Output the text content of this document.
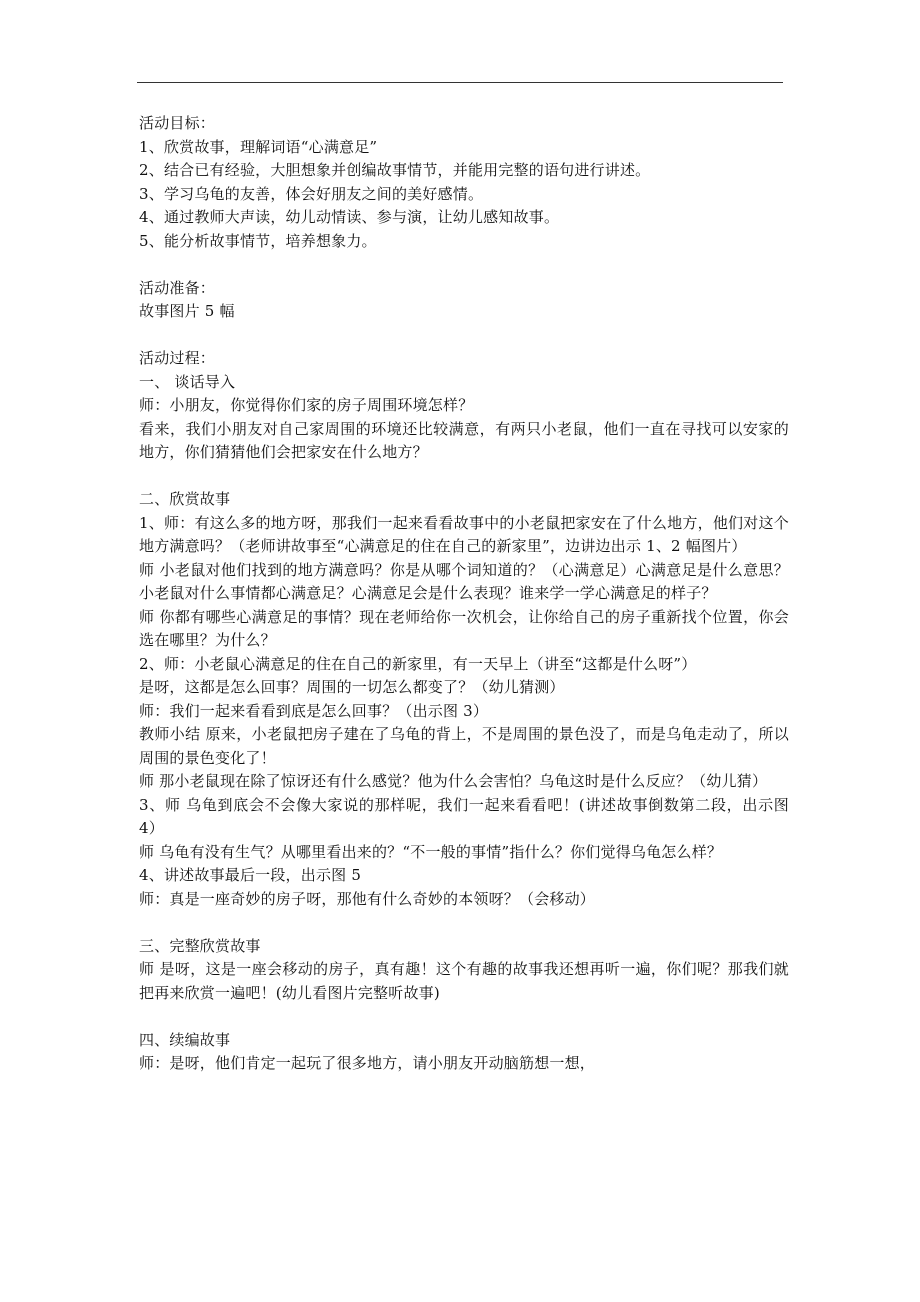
活动目标：

1、欣赏故事，理解词语“心满意足”

2、结合已有经验，大胆想象并创编故事情节，并能用完整的语句进行讲述。

3、学习乌龟的友善，体会好朋友之间的美好感情。

4、通过教师大声读，幼儿动情读、参与演，让幼儿感知故事。

5、能分析故事情节，培养想象力。

活动准备：

故事图片 5 幅

活动过程：

一、 谈话导入

师：小朋友，你觉得你们家的房子周围环境怎样？

看来，我们小朋友对自己家周围的环境还比较满意，有两只小老鼠，他们一直在寻找可以安家的地方，你们猜猜他们会把家安在什么地方？

二、欣赏故事

1、师：有这么多的地方呀，那我们一起来看看故事中的小老鼠把家安在了什么地方，他们对这个地方满意吗？（老师讲故事至“心满意足的住在自己的新家里”，边讲边出示 1、2 幅图片）

师 小老鼠对他们找到的地方满意吗？你是从哪个词知道的？（心满意足）心满意足是什么意思？小老鼠对什么事情都心满意足？心满意足会是什么表现？谁来学一学心满意足的样子？

师 你都有哪些心满意足的事情？现在老师给你一次机会，让你给自己的房子重新找个位置，你会选在哪里？为什么？

2、师：小老鼠心满意足的住在自己的新家里，有一天早上（讲至“这都是什么呀”）

是呀，这都是怎么回事？周围的一切怎么都变了？（幼儿猜测）

师：我们一起来看看到底是怎么回事？（出示图 3）

教师小结 原来，小老鼠把房子建在了乌龟的背上，不是周围的景色没了，而是乌龟走动了，所以周围的景色变化了！

师 那小老鼠现在除了惊讶还有什么感觉？他为什么会害怕？乌龟这时是什么反应？（幼儿猜）

3、师 乌龟到底会不会像大家说的那样呢，我们一起来看看吧！(讲述故事倒数第二段，出示图 4）

师 乌龟有没有生气？从哪里看出来的？“不一般的事情”指什么？你们觉得乌龟怎么样？

4、讲述故事最后一段，出示图 5

师：真是一座奇妙的房子呀，那他有什么奇妙的本领呀？（会移动）

三、完整欣赏故事

师 是呀，这是一座会移动的房子，真有趣！这个有趣的故事我还想再听一遍，你们呢？那我们就把再来欣赏一遍吧！(幼儿看图片完整听故事)

四、续编故事

师：是呀，他们肯定一起玩了很多地方，请小朋友开动脑筋想一想，
